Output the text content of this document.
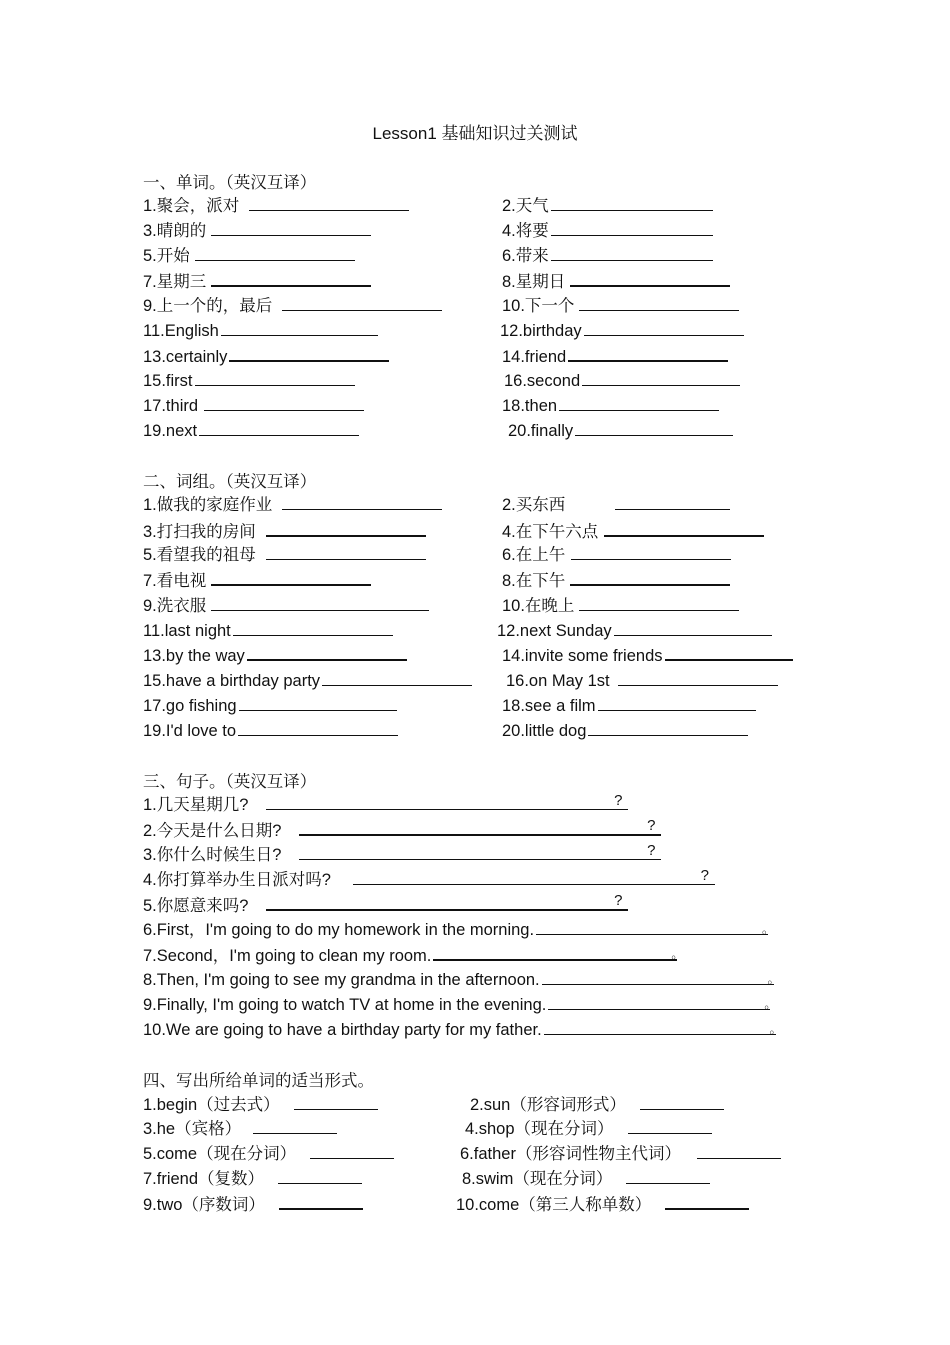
Lesson1 基础知识过关测试
一、单词。（英汉互译）
1.聚会，派对	2.天气
3.晴朗的	4.将要
5.开始	6.带来
7.星期三	8.星期日
9.上一个的，最后	10.下一个
11.English	12.birthday
13.certainly	14.friend
15.first	16.second
17.third	18.then
19.next	20.finally
二、词组。（英汉互译）
1.做我的家庭作业	2.买东西
3.打扫我的房间	4.在下午六点
5.看望我的祖母	6.在上午
7.看电视	8.在下午
9.洗衣服	10.在晚上
11.last night	12.next Sunday
13.by the way	14.invite some friends
15.have a birthday party	16.on May 1st
17.go fishing	18.see a film
19.I'd love to	20.little dog
三、句子。（英汉互译）
1.几天星期几?	?
2.今天是什么日期?	?
3.你什么时候生日?	?
4.你打算举办生日派对吗?	?
5.你愿意来吗?	?
6.First，I'm going to do my homework in the morning.	。
7.Second，I'm going to clean my room.	。
8.Then, I'm going to see my grandma in the afternoon.	。
9.Finally, I'm going to watch TV at home in the evening.	。
10.We are going to have a birthday party for my father.	。
四、写出所给单词的适当形式。
1.begin（过去式）	2.sun（形容词形式）
3.he（宾格）	4.shop（现在分词）
5.come（现在分词）	6.father（形容词性物主代词）
7.friend（复数）	8.swim（现在分词）
9.two（序数词）	10.come（第三人称单数）
